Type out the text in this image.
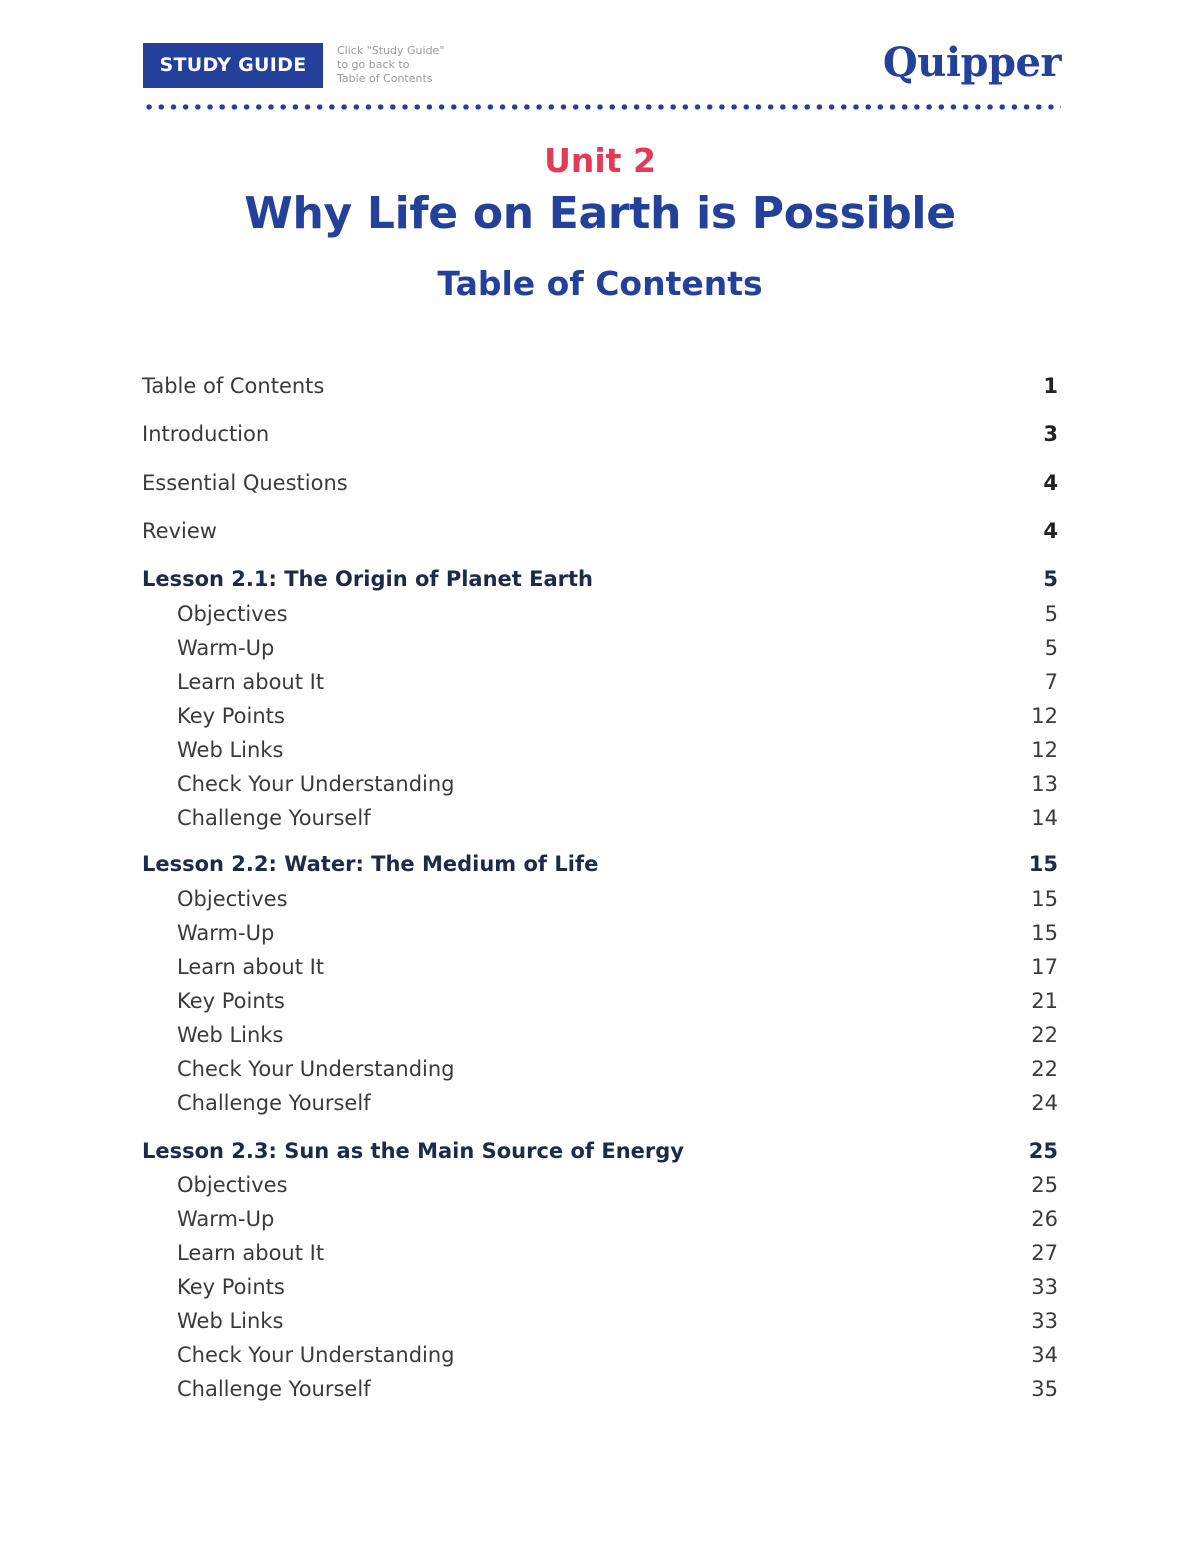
STUDY GUIDE
Click "Study Guide"
to go back to
Table of Contents	Quipper
Unit 2
Why Life on Earth is Possible
Table of Contents
Table of Contents	1
Introduction	3
Essential Questions	4
Review	4
Lesson 2.1: The Origin of Planet Earth	5
Objectives	5
Warm-Up	5
Learn about It	7
Key Points	12
Web Links	12
Check Your Understanding	13
Challenge Yourself	14
Lesson 2.2: Water: The Medium of Life	15
Objectives	15
Warm-Up	15
Learn about It	17
Key Points	21
Web Links	22
Check Your Understanding	22
Challenge Yourself	24
Lesson 2.3: Sun as the Main Source of Energy	25
Objectives	25
Warm-Up	26
Learn about It	27
Key Points	33
Web Links	33
Check Your Understanding	34
Challenge Yourself	35
